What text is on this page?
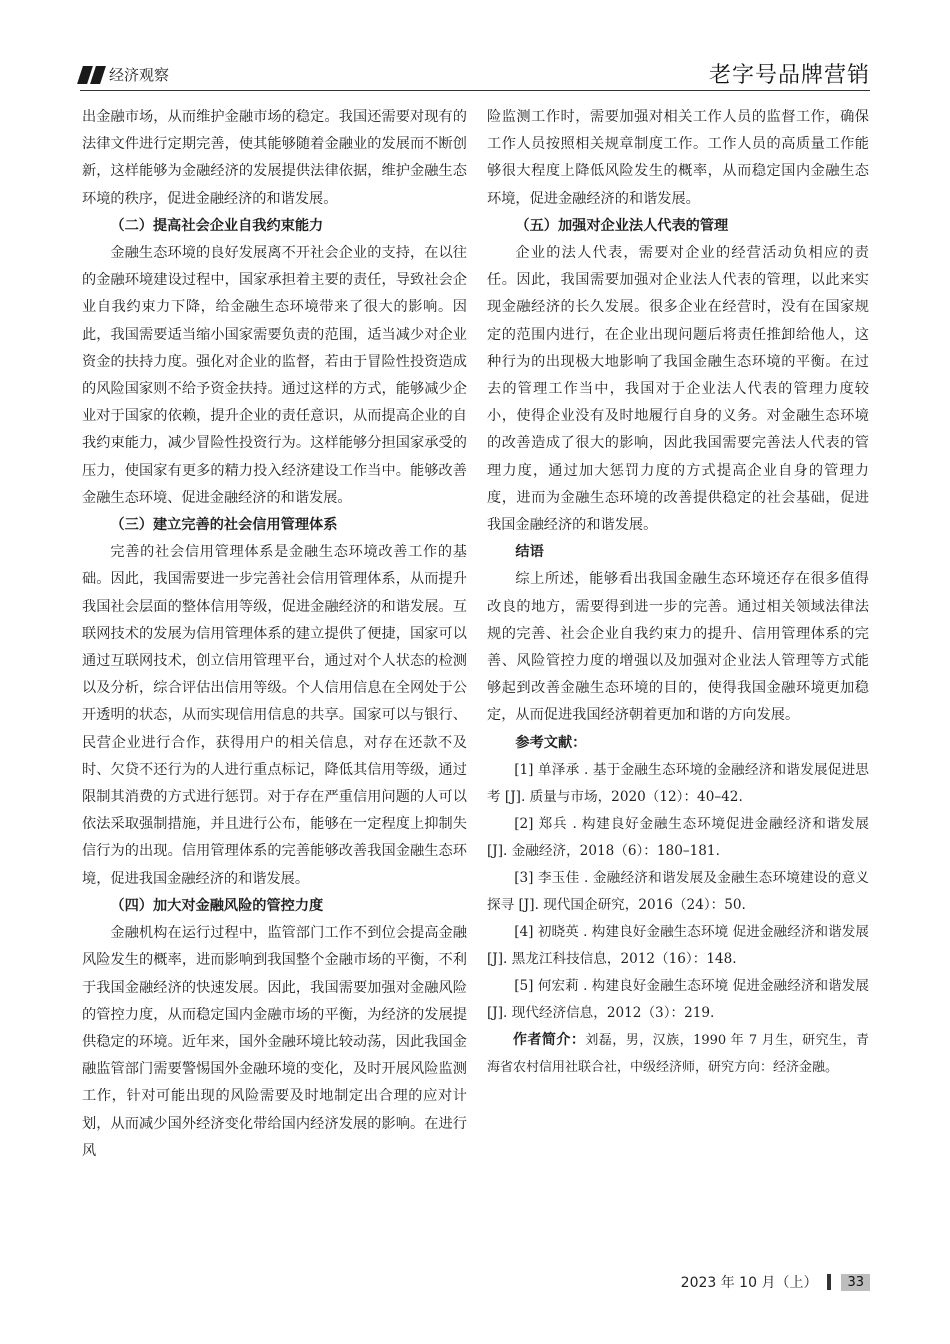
经济观察	老字号品牌营销

出金融市场，从而维护金融市场的稳定。我国还需要对现有的法律文件进行定期完善，使其能够随着金融业的发展而不断创新，这样能够为金融经济的发展提供法律依据，维护金融生态环境的秩序，促进金融经济的和谐发展。

（二）提高社会企业自我约束能力

金融生态环境的良好发展离不开社会企业的支持，在以往的金融环境建设过程中，国家承担着主要的责任，导致社会企业自我约束力下降，给金融生态环境带来了很大的影响。因此，我国需要适当缩小国家需要负责的范围，适当减少对企业资金的扶持力度。强化对企业的监督，若由于冒险性投资造成的风险国家则不给予资金扶持。通过这样的方式，能够减少企业对于国家的依赖，提升企业的责任意识，从而提高企业的自我约束能力，减少冒险性投资行为。这样能够分担国家承受的压力，使国家有更多的精力投入经济建设工作当中。能够改善金融生态环境、促进金融经济的和谐发展。

（三）建立完善的社会信用管理体系

完善的社会信用管理体系是金融生态环境改善工作的基础。因此，我国需要进一步完善社会信用管理体系，从而提升我国社会层面的整体信用等级，促进金融经济的和谐发展。互联网技术的发展为信用管理体系的建立提供了便捷，国家可以通过互联网技术，创立信用管理平台，通过对个人状态的检测以及分析，综合评估出信用等级。个人信用信息在全网处于公开透明的状态，从而实现信用信息的共享。国家可以与银行、民营企业进行合作，获得用户的相关信息，对存在还款不及时、欠贷不还行为的人进行重点标记，降低其信用等级，通过限制其消费的方式进行惩罚。对于存在严重信用问题的人可以依法采取强制措施，并且进行公布，能够在一定程度上抑制失信行为的出现。信用管理体系的完善能够改善我国金融生态环境，促进我国金融经济的和谐发展。

（四）加大对金融风险的管控力度

金融机构在运行过程中，监管部门工作不到位会提高金融风险发生的概率，进而影响到我国整个金融市场的平衡，不利于我国金融经济的快速发展。因此，我国需要加强对金融风险的管控力度，从而稳定国内金融市场的平衡，为经济的发展提供稳定的环境。近年来，国外金融环境比较动荡，因此我国金融监管部门需要警惕国外金融环境的变化，及时开展风险监测工作，针对可能出现的风险需要及时地制定出合理的应对计划，从而减少国外经济变化带给国内经济发展的影响。在进行风

险监测工作时，需要加强对相关工作人员的监督工作，确保工作人员按照相关规章制度工作。工作人员的高质量工作能够很大程度上降低风险发生的概率，从而稳定国内金融生态环境，促进金融经济的和谐发展。

（五）加强对企业法人代表的管理

企业的法人代表，需要对企业的经营活动负相应的责任。因此，我国需要加强对企业法人代表的管理，以此来实现金融经济的长久发展。很多企业在经营时，没有在国家规定的范围内进行，在企业出现问题后将责任推卸给他人，这种行为的出现极大地影响了我国金融生态环境的平衡。在过去的管理工作当中，我国对于企业法人代表的管理力度较小，使得企业没有及时地履行自身的义务。对金融生态环境的改善造成了很大的影响，因此我国需要完善法人代表的管理力度，通过加大惩罚力度的方式提高企业自身的管理力度，进而为金融生态环境的改善提供稳定的社会基础，促进我国金融经济的和谐发展。

结语

综上所述，能够看出我国金融生态环境还存在很多值得改良的地方，需要得到进一步的完善。通过相关领域法律法规的完善、社会企业自我约束力的提升、信用管理体系的完善、风险管控力度的增强以及加强对企业法人管理等方式能够起到改善金融生态环境的目的，使得我国金融环境更加稳定，从而促进我国经济朝着更加和谐的方向发展。

参考文献：

[1] 单泽承 . 基于金融生态环境的金融经济和谐发展促进思考 [J]. 质量与市场，2020（12）：40–42.

[2] 郑兵 . 构建良好金融生态环境促进金融经济和谐发展 [J]. 金融经济，2018（6）：180–181.

[3] 李玉佳 . 金融经济和谐发展及金融生态环境建设的意义探寻 [J]. 现代国企研究，2016（24）：50.

[4] 初晓英 . 构建良好金融生态环境 促进金融经济和谐发展 [J]. 黑龙江科技信息，2012（16）：148.

[5] 何宏莉 . 构建良好金融生态环境 促进金融经济和谐发展 [J]. 现代经济信息，2012（3）：219.

作者简介：刘磊，男，汉族，1990 年 7 月生，研究生，青海省农村信用社联合社，中级经济师，研究方向：经济金融。

2023 年 10 月（上）	33
